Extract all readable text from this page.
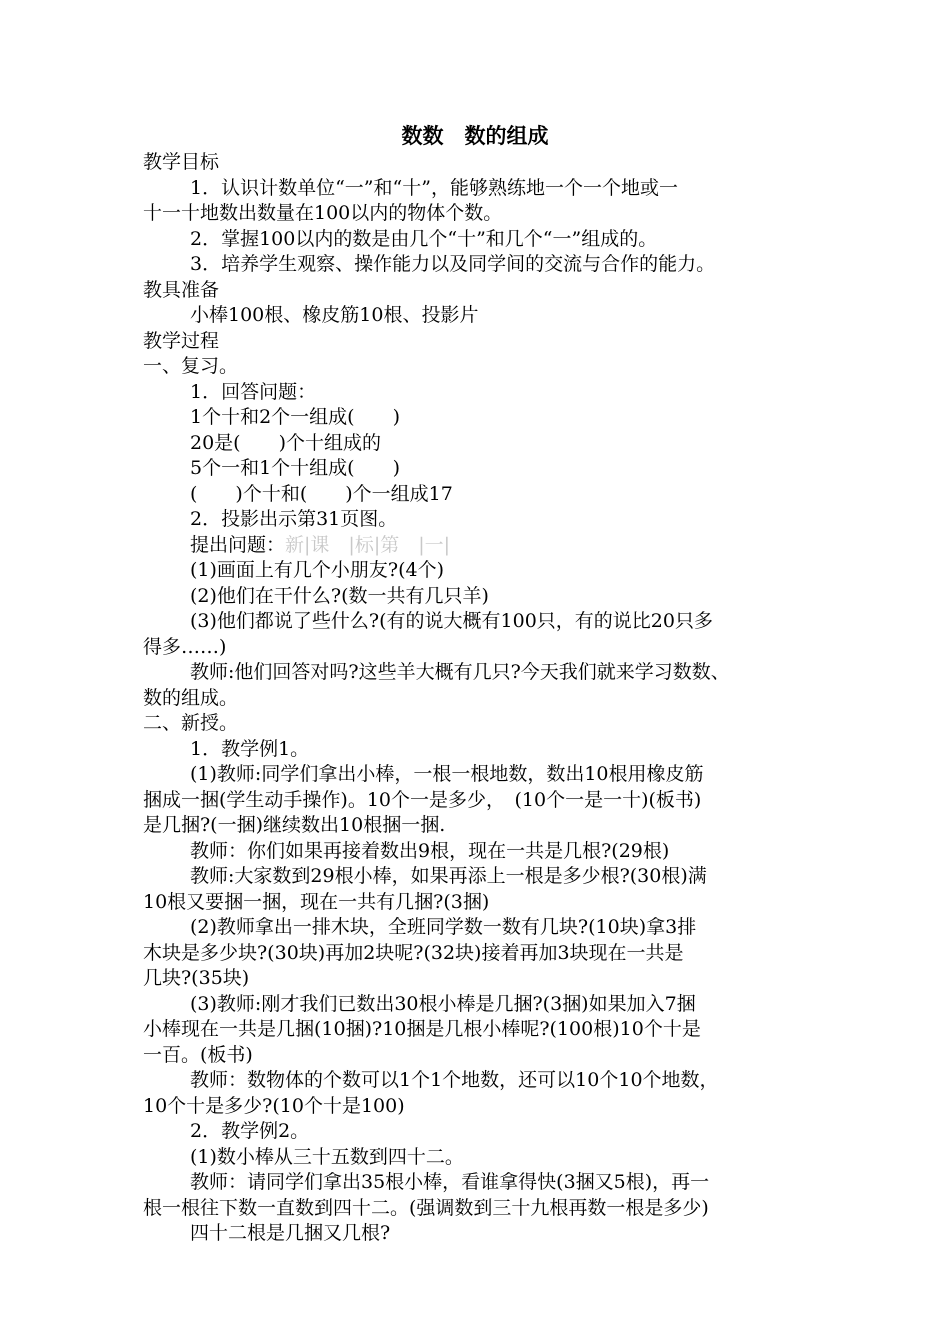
数数　数的组成
教学目标
1．认识计数单位“一”和“十”，能够熟练地一个一个地或一
十一十地数出数量在100以内的物体个数。
2．掌握100以内的数是由几个“十”和几个“一”组成的。
3．培养学生观察、操作能力以及同学间的交流与合作的能力。
教具准备
小棒100根、橡皮筋10根、投影片
教学过程
一、复习。
1．回答问题：
1个十和2个一组成(　　)
20是(　　)个十组成的
5个一和1个十组成(　　)
(　　)个十和(　　)个一组成17
2．投影出示第31页图。
提出问题：新|课　|标|第　|一|
(1)画面上有几个小朋友?(4个)
(2)他们在干什么?(数一共有几只羊)
(3)他们都说了些什么?(有的说大概有100只，有的说比20只多
得多……)
教师:他们回答对吗?这些羊大概有几只?今天我们就来学习数数、
数的组成。
二、新授。
1．教学例1。
(1)教师:同学们拿出小棒，一根一根地数，数出10根用橡皮筋
捆成一捆(学生动手操作)。10个一是多少，　(10个一是一十)(板书)
是几捆?(一捆)继续数出10根捆一捆.
教师：你们如果再接着数出9根，现在一共是几根?(29根)
教师:大家数到29根小棒，如果再添上一根是多少根?(30根)满
10根又要捆一捆，现在一共有几捆?(3捆)
(2)教师拿出一排木块，全班同学数一数有几块?(10块)拿3排
木块是多少块?(30块)再加2块呢?(32块)接着再加3块现在一共是
几块?(35块)
(3)教师:刚才我们已数出30根小棒是几捆?(3捆)如果加入7捆
小棒现在一共是几捆(10捆)?10捆是几根小棒呢?(100根)10个十是
一百。(板书)
教师：数物体的个数可以1个1个地数，还可以10个10个地数，
10个十是多少?(10个十是100)
2．教学例2。
(1)数小棒从三十五数到四十二。
教师：请同学们拿出35根小棒，看谁拿得快(3捆又5根)，再一
根一根往下数一直数到四十二。(强调数到三十九根再数一根是多少)
四十二根是几捆又几根?
